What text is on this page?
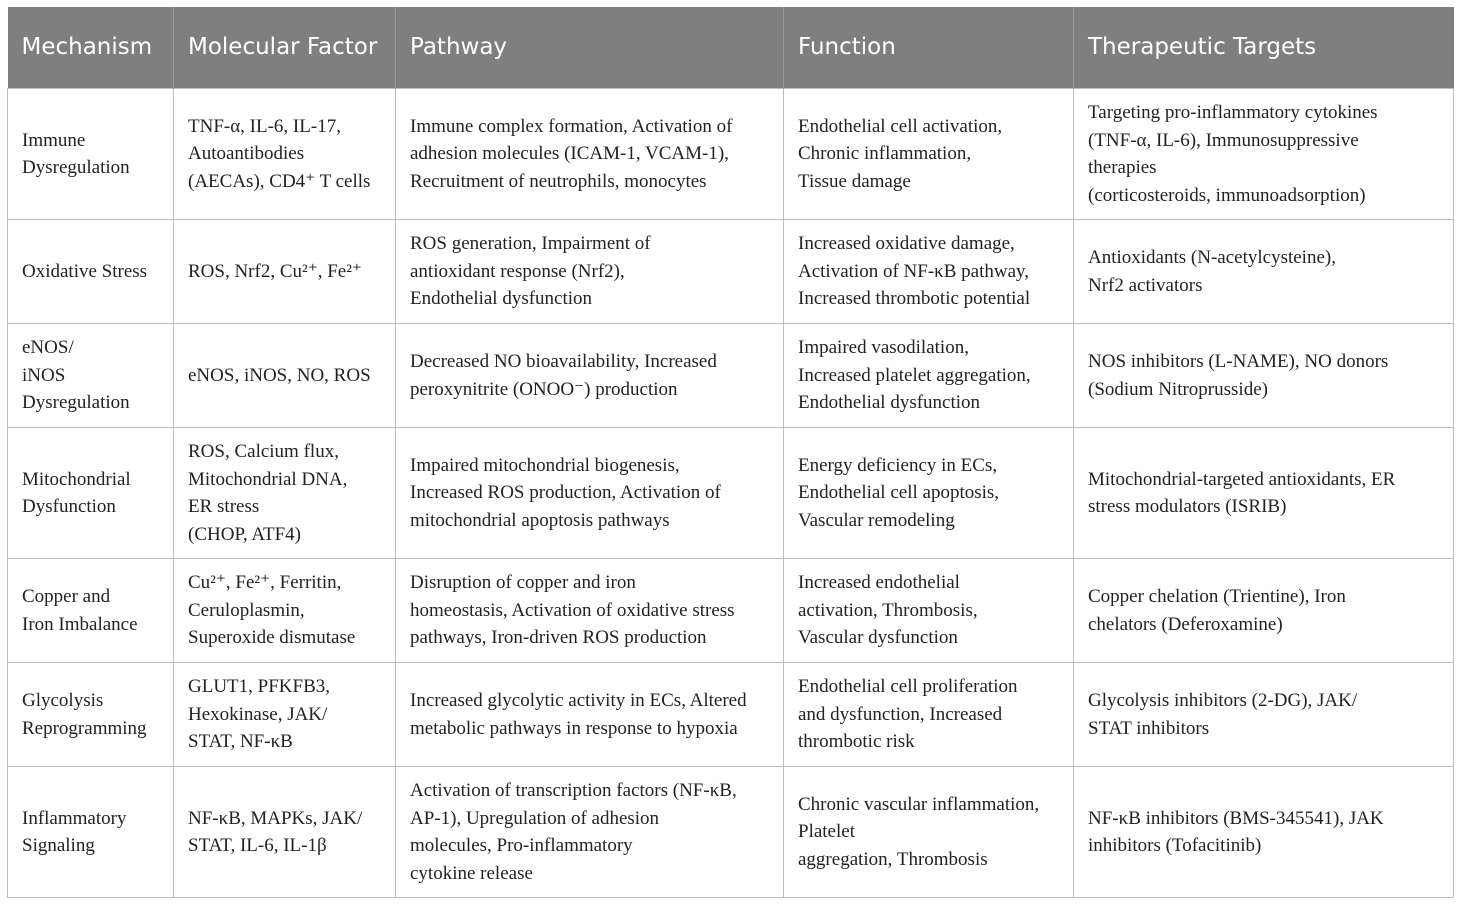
Mechanism	Molecular Factor	Pathway	Function	Therapeutic Targets
Immune
Dysregulation	TNF-α, IL-6, IL-17,
Autoantibodies
(AECAs), CD4⁺ T cells	Immune complex formation, Activation of
adhesion molecules (ICAM-1, VCAM-1),
Recruitment of neutrophils, monocytes	Endothelial cell activation,
Chronic inflammation,
Tissue damage	Targeting pro-inflammatory cytokines
(TNF-α, IL-6), Immunosuppressive
therapies
(corticosteroids, immunoadsorption)
Oxidative Stress	ROS, Nrf2, Cu²⁺, Fe²⁺	ROS generation, Impairment of
antioxidant response (Nrf2),
Endothelial dysfunction	Increased oxidative damage,
Activation of NF-κB pathway,
Increased thrombotic potential	Antioxidants (N-acetylcysteine),
Nrf2 activators
eNOS/
iNOS
Dysregulation	eNOS, iNOS, NO, ROS	Decreased NO bioavailability, Increased
peroxynitrite (ONOO⁻) production	Impaired vasodilation,
Increased platelet aggregation,
Endothelial dysfunction	NOS inhibitors (L-NAME), NO donors
(Sodium Nitroprusside)
Mitochondrial
Dysfunction	ROS, Calcium flux,
Mitochondrial DNA,
ER stress
(CHOP, ATF4)	Impaired mitochondrial biogenesis,
Increased ROS production, Activation of
mitochondrial apoptosis pathways	Energy deficiency in ECs,
Endothelial cell apoptosis,
Vascular remodeling	Mitochondrial-targeted antioxidants, ER
stress modulators (ISRIB)
Copper and
Iron Imbalance	Cu²⁺, Fe²⁺, Ferritin,
Ceruloplasmin,
Superoxide dismutase	Disruption of copper and iron
homeostasis, Activation of oxidative stress
pathways, Iron-driven ROS production	Increased endothelial
activation, Thrombosis,
Vascular dysfunction	Copper chelation (Trientine), Iron
chelators (Deferoxamine)
Glycolysis
Reprogramming	GLUT1, PFKFB3,
Hexokinase, JAK/
STAT, NF-κB	Increased glycolytic activity in ECs, Altered
metabolic pathways in response to hypoxia	Endothelial cell proliferation
and dysfunction, Increased
thrombotic risk	Glycolysis inhibitors (2-DG), JAK/
STAT inhibitors
Inflammatory
Signaling	NF-κB, MAPKs, JAK/
STAT, IL-6, IL-1β	Activation of transcription factors (NF-κB,
AP-1), Upregulation of adhesion
molecules, Pro-inflammatory
cytokine release	Chronic vascular inflammation,
Platelet
aggregation, Thrombosis	NF-κB inhibitors (BMS-345541), JAK
inhibitors (Tofacitinib)
